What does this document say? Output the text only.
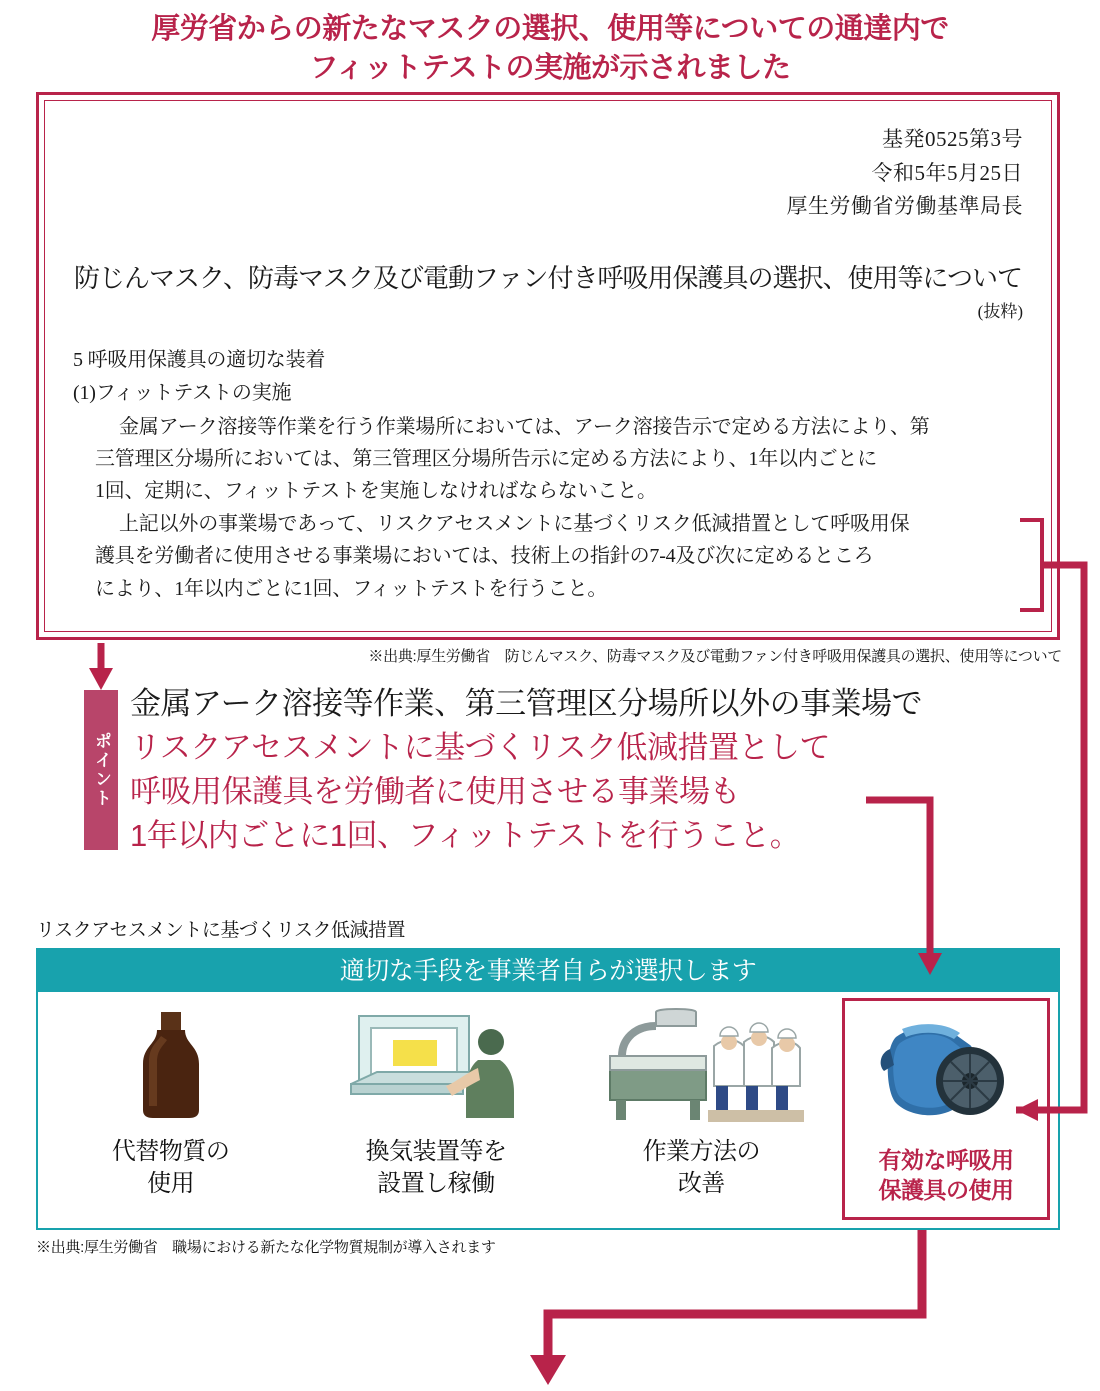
厚労省からの新たなマスクの選択、使用等についての通達内で
フィットテストの実施が示されました
基発0525第3号
令和5年5月25日
厚生労働省労働基準局長
防じんマスク、防毒マスク及び電動ファン付き呼吸用保護具の選択、使用等について
(抜粋)

5 呼吸用保護具の適切な装着

(1)フィットテストの実施

金属アーク溶接等作業を行う作業場所においては、アーク溶接告示で定める方法により、第

三管理区分場所においては、第三管理区分場所告示に定める方法により、1年以内ごとに

1回、定期に、フィットテストを実施しなければならないこと。

上記以外の事業場であって、リスクアセスメントに基づくリスク低減措置として呼吸用保

護具を労働者に使用させる事業場においては、技術上の指針の7-4及び次に定めるところ

により、1年以内ごとに1回、フィットテストを行うこと。

※出典:厚生労働省　防じんマスク、防毒マスク及び電動ファン付き呼吸用保護具の選択、使用等について
ポイント
金属アーク溶接等作業、第三管理区分場所以外の事業場で
リスクアセスメントに基づくリスク低減措置として
呼吸用保護具を労働者に使用させる事業場も
1年以内ごとに1回、フィットテストを行うこと。
リスクアセスメントに基づくリスク低減措置
適切な手段を事業者自らが選択します
代替物質の
使用
換気装置等を
設置し稼働
作業方法の
改善
有効な呼吸用
保護具の使用
※出典:厚生労働省　職場における新たな化学物質規制が導入されます
